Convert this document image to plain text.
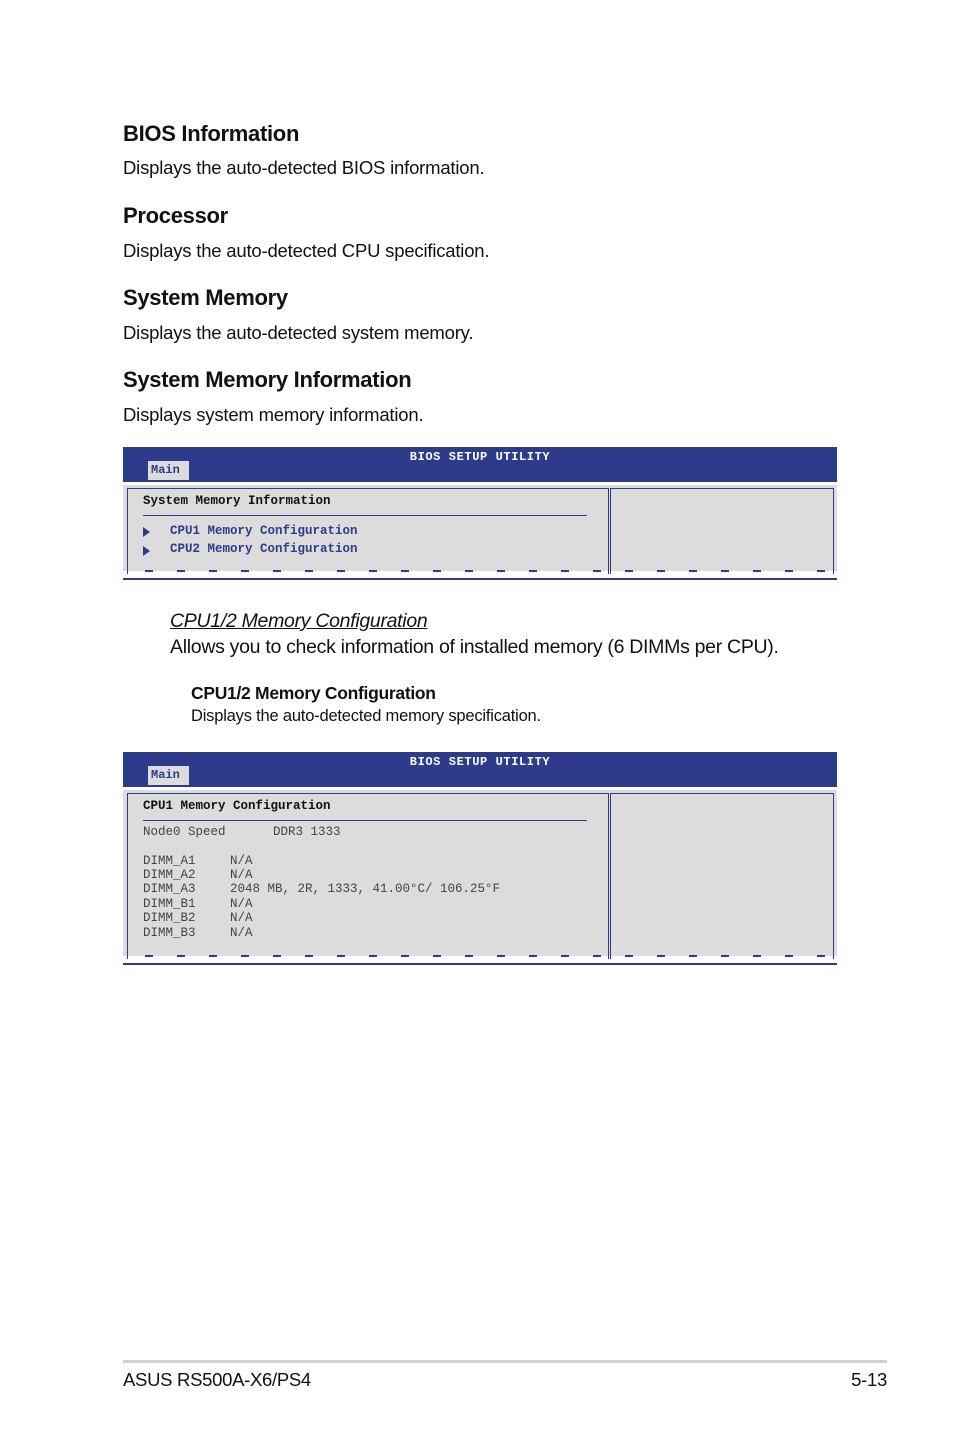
BIOS Information

Displays the auto-detected BIOS information.

Processor

Displays the auto-detected CPU specification.

System Memory

Displays the auto-detected system memory.

System Memory Information

Displays system memory information.

BIOS SETUP UTILITY
Main
System Memory Information
CPU1 Memory Configuration
CPU2 Memory Configuration

CPU1/2 Memory Configuration

Allows you to check information of installed memory (6 DIMMs per CPU).

CPU1/2 Memory Configuration

Displays the auto-detected memory specification.

BIOS SETUP UTILITY
Main
CPU1 Memory Configuration
Node0 Speed	DDR3 1333
DIMM_A1	N/A
DIMM_A2	N/A
DIMM_A3	2048 MB, 2R, 1333, 41.00°C/ 106.25°F
DIMM_B1	N/A
DIMM_B2	N/A
DIMM_B3	N/A
ASUS RS500A-X6/PS4	5-13
